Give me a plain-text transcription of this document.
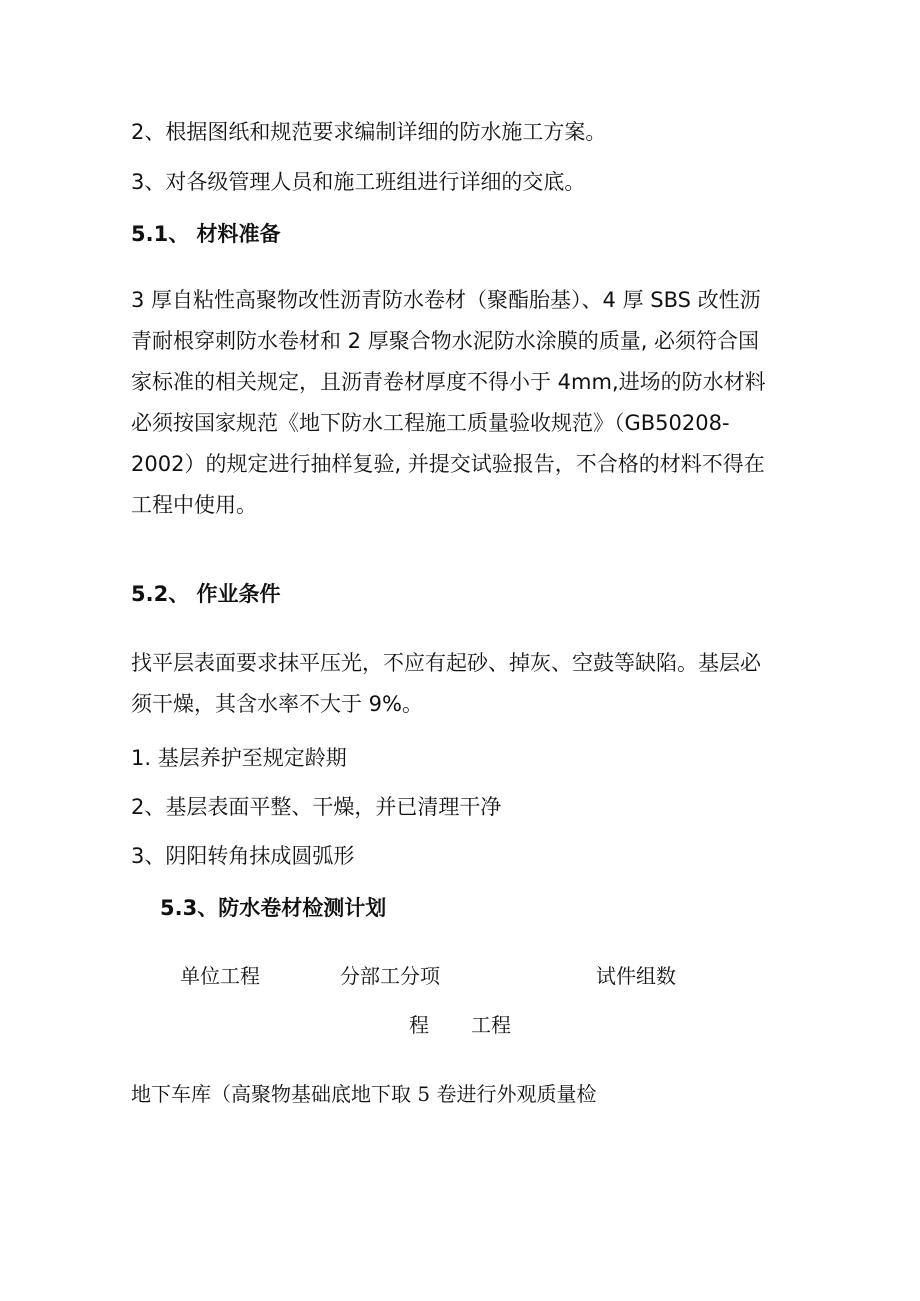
2、根据图纸和规范要求编制详细的防水施工方案。
3、对各级管理人员和施工班组进行详细的交底。
5.1、 材料准备
3 厚自粘性高聚物改性沥青防水卷材（聚酯胎基）、4 厚 SBS 改性沥
青耐根穿刺防水卷材和 2 厚聚合物水泥防水涂膜的质量, 必须符合国
家标准的相关规定，且沥青卷材厚度不得小于 4mm,进场的防水材料
必须按国家规范《地下防水工程施工质量验收规范》（GB50208-
2002）的规定进行抽样复验, 并提交试验报告，不合格的材料不得在
工程中使用。
5.2、 作业条件
找平层表面要求抹平压光，不应有起砂、掉灰、空鼓等缺陷。基层必
须干燥，其含水率不大于 9%。
1. 基层养护至规定龄期
2、基层表面平整、干燥，并已清理干净
3、阴阳转角抹成圆弧形
5.3、防水卷材检测计划
单位工程	分部工分项	试件组数
程 工程
地下车库（高聚物基础底地下取 5 卷进行外观质量检
